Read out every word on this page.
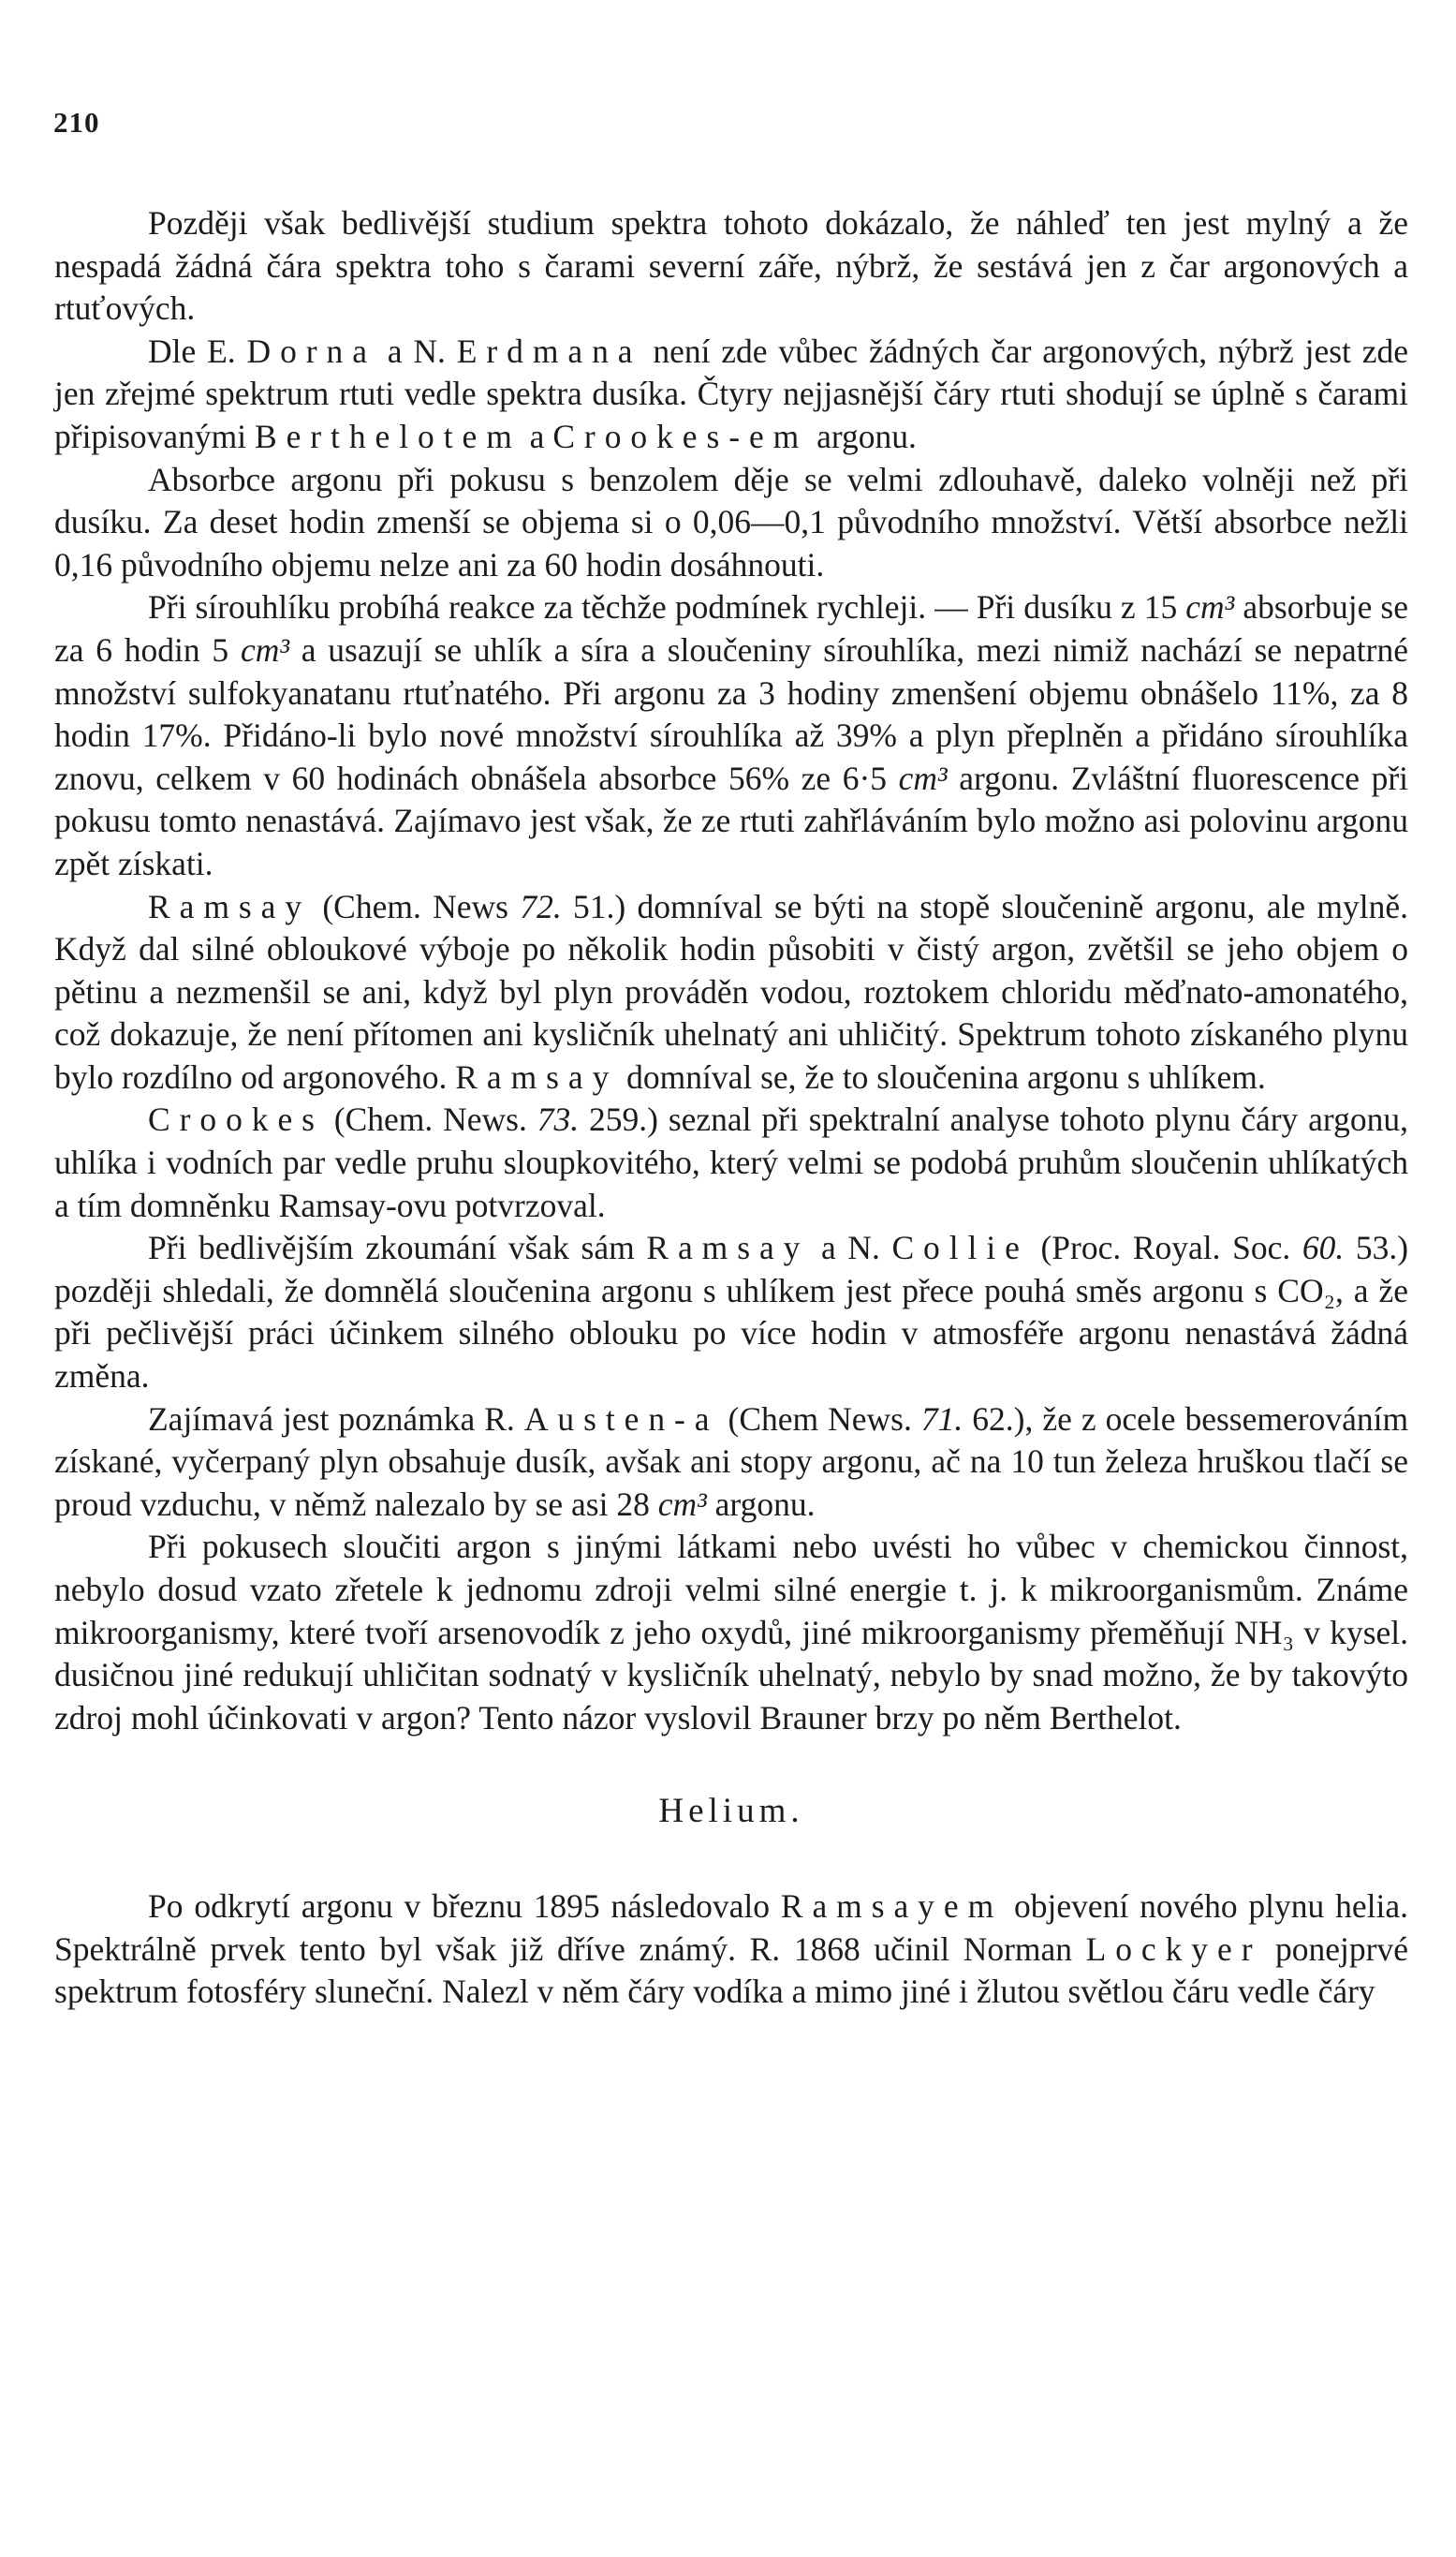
210

Později však bedlivější studium spektra tohoto dokázalo, že náhleď ten jest mylný a že nespadá žádná čára spektra toho s čarami severní záře, nýbrž, že sestává jen z čar argonových a rtuťových.

Dle E. Dorna a N. Erdmana není zde vůbec žádných čar argonových, nýbrž jest zde jen zřejmé spektrum rtuti vedle spektra dusíka. Čtyry nejjasnější čáry rtuti shodují se úplně s čarami připisovanými Berthelotem a Crookes-em argonu.

Absorbce argonu při pokusu s benzolem děje se velmi zdlouhavě, daleko volněji než při dusíku. Za deset hodin zmenší se objema si o 0,06—0,1 původního množství. Větší absorbce nežli 0,16 původního objemu nelze ani za 60 hodin dosáhnouti.

Při sírouhlíku probíhá reakce za těchže podmínek rychleji. — Při dusíku z 15 cm³ absorbuje se za 6 hodin 5 cm³ a usazují se uhlík a síra a sloučeniny sírouhlíka, mezi nimiž nachází se nepatrné množství sulfokyanatanu rtuťnatého. Při argonu za 3 hodiny zmenšení objemu obnášelo 11%, za 8 hodin 17%. Přidáno-li bylo nové množství sírouhlíka až 39% a plyn přeplněn a přidáno sírouhlíka znovu, celkem v 60 hodinách obnášela absorbce 56% ze 6·5 cm³ argonu. Zvláštní fluorescence při pokusu tomto nenastává. Zajímavo jest však, že ze rtuti zahřláváním bylo možno asi polovinu argonu zpět získati.

Ramsay (Chem. News 72. 51.) domníval se býti na stopě sloučenině argonu, ale mylně. Když dal silné obloukové výboje po několik hodin působiti v čistý argon, zvětšil se jeho objem o pětinu a nezmenšil se ani, když byl plyn prováděn vodou, roztokem chloridu měďnato-amonatého, což dokazuje, že není přítomen ani kysličník uhelnatý ani uhličitý. Spektrum tohoto získaného plynu bylo rozdílno od argonového. Ramsay domníval se, že to sloučenina argonu s uhlíkem.

Crookes (Chem. News. 73. 259.) seznal při spektralní analyse tohoto plynu čáry argonu, uhlíka i vodních par vedle pruhu sloupkovitého, který velmi se podobá pruhům sloučenin uhlíkatých a tím domněnku Ramsay-ovu potvrzoval.

Při bedlivějším zkoumání však sám Ramsay a N. Collie (Proc. Royal. Soc. 60. 53.) později shledali, že domnělá sloučenina argonu s uhlíkem jest přece pouhá směs argonu s CO₂, a že při pečlivější práci účinkem silného oblouku po více hodin v atmosféře argonu nenastává žádná změna.

Zajímavá jest poznámka R. Austen-a (Chem News. 71. 62.), že z ocele bessemerováním získané, vyčerpaný plyn obsahuje dusík, avšak ani stopy argonu, ač na 10 tun železa hruškou tlačí se proud vzduchu, v němž nalezalo by se asi 28 cm³ argonu.

Při pokusech sloučiti argon s jinými látkami nebo uvésti ho vůbec v chemickou činnost, nebylo dosud vzato zřetele k jednomu zdroji velmi silné energie t. j. k mikroorganismům. Známe mikroorganismy, které tvoří arsenovodík z jeho oxydů, jiné mikroorganismy přeměňují NH₃ v kysel. dusičnou jiné redukují uhličitan sodnatý v kysličník uhelnatý, nebylo by snad možno, že by takovýto zdroj mohl účinkovati v argon? Tento názor vyslovil Brauner brzy po něm Berthelot.

Helium.

Po odkrytí argonu v březnu 1895 následovalo Ramsayem objevení nového plynu helia. Spektrálně prvek tento byl však již dříve známý. R. 1868 učinil Norman Lockyer ponejprvé spektrum fotosféry sluneční. Nalezl v něm čáry vodíka a mimo jiné i žlutou světlou čáru vedle čáry
